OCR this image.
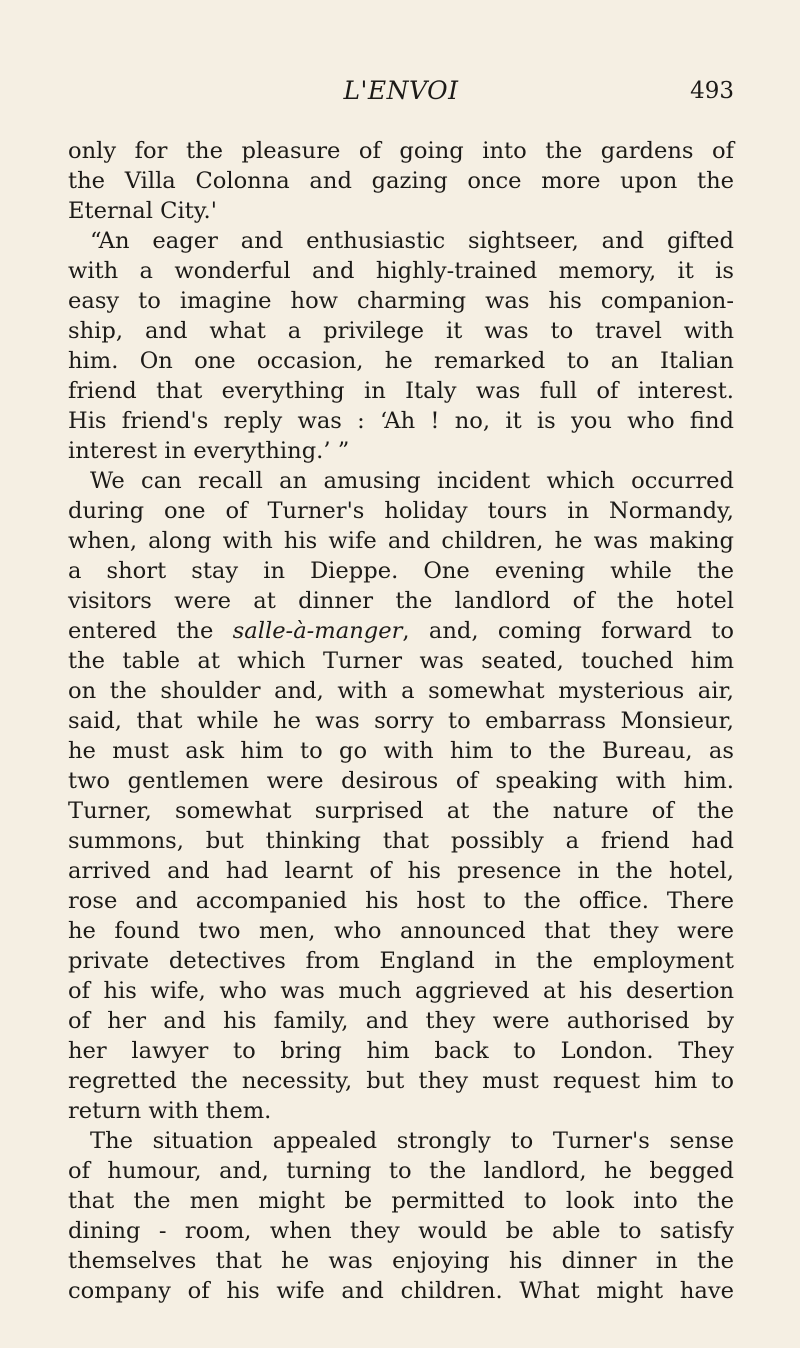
L'ENVOI	493
only for the pleasure of going into the gardens of
the Villa Colonna and gazing once more upon the
Eternal City.'
“An eager and enthusiastic sightseer, and gifted
with a wonderful and highly-trained memory, it is
easy to imagine how charming was his companion-
ship, and what a privilege it was to travel with
him. On one occasion, he remarked to an Italian
friend that everything in Italy was full of interest.
His friend's reply was : ‘Ah ! no, it is you who find
interest in everything.’ ”
We can recall an amusing incident which occurred
during one of Turner's holiday tours in Normandy,
when, along with his wife and children, he was making
a short stay in Dieppe. One evening while the
visitors were at dinner the landlord of the hotel
entered the salle-à-manger, and, coming forward to
the table at which Turner was seated, touched him
on the shoulder and, with a somewhat mysterious air,
said, that while he was sorry to embarrass Monsieur,
he must ask him to go with him to the Bureau, as
two gentlemen were desirous of speaking with him.
Turner, somewhat surprised at the nature of the
summons, but thinking that possibly a friend had
arrived and had learnt of his presence in the hotel,
rose and accompanied his host to the office. There
he found two men, who announced that they were
private detectives from England in the employment
of his wife, who was much aggrieved at his desertion
of her and his family, and they were authorised by
her lawyer to bring him back to London. They
regretted the necessity, but they must request him to
return with them.
The situation appealed strongly to Turner's sense
of humour, and, turning to the landlord, he begged
that the men might be permitted to look into the
dining - room, when they would be able to satisfy
themselves that he was enjoying his dinner in the
company of his wife and children. What might have
